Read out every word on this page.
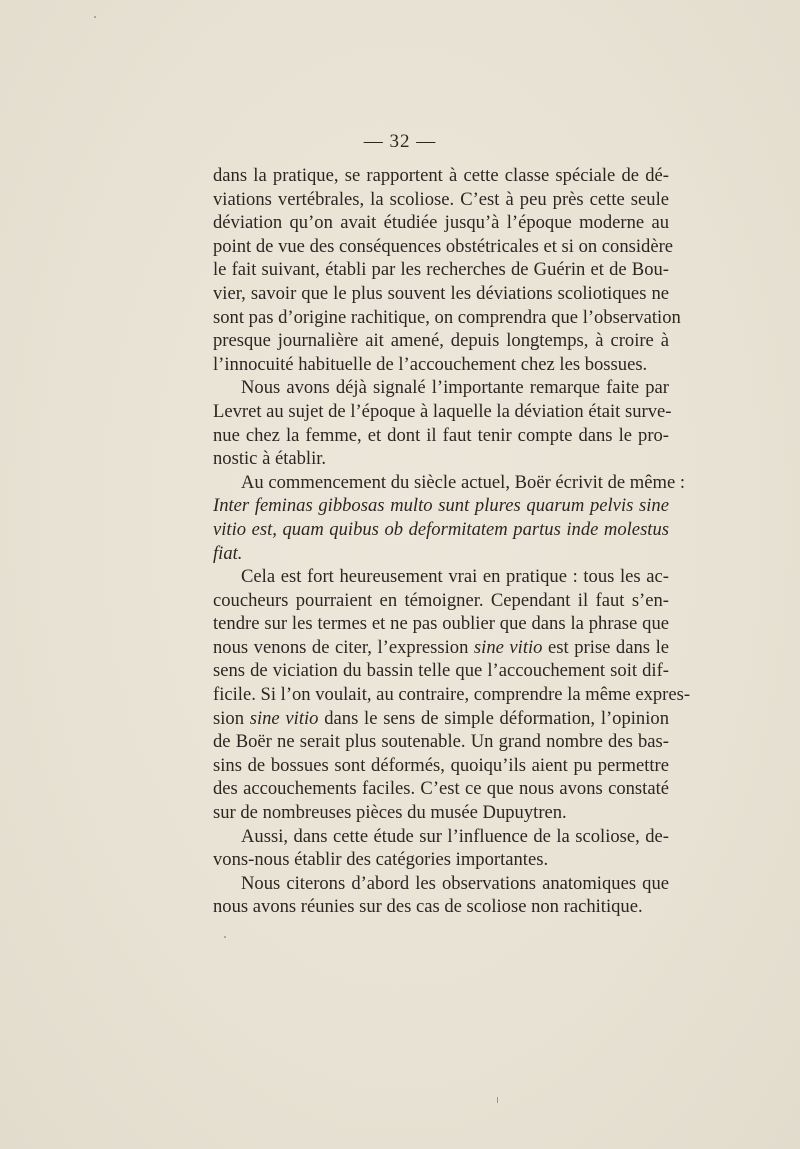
— 32 —
dans la pratique, se rapportent à cette classe spéciale de dé-
viations vertébrales, la scoliose. C’est à peu près cette seule
déviation qu’on avait étudiée jusqu’à l’époque moderne au
point de vue des conséquences obstétricales et si on considère
le fait suivant, établi par les recherches de Guérin et de Bou-
vier, savoir que le plus souvent les déviations scoliotiques ne
sont pas d’origine rachitique, on comprendra que l’observation
presque journalière ait amené, depuis longtemps, à croire à
l’innocuité habituelle de l’accouchement chez les bossues.
Nous avons déjà signalé l’importante remarque faite par
Levret au sujet de l’époque à laquelle la déviation était surve-
nue chez la femme, et dont il faut tenir compte dans le pro-
nostic à établir.
Au commencement du siècle actuel, Boër écrivit de même :
Inter feminas gibbosas multo sunt plures quarum pelvis sine
vitio est, quam quibus ob deformitatem partus inde molestus
fiat.
Cela est fort heureusement vrai en pratique : tous les ac-
coucheurs pourraient en témoigner. Cependant il faut s’en-
tendre sur les termes et ne pas oublier que dans la phrase que
nous venons de citer, l’expression sine vitio est prise dans le
sens de viciation du bassin telle que l’accouchement soit dif-
ficile. Si l’on voulait, au contraire, comprendre la même expres-
sion sine vitio dans le sens de simple déformation, l’opinion
de Boër ne serait plus soutenable. Un grand nombre des bas-
sins de bossues sont déformés, quoiqu’ils aient pu permettre
des accouchements faciles. C’est ce que nous avons constaté
sur de nombreuses pièces du musée Dupuytren.
Aussi, dans cette étude sur l’influence de la scoliose, de-
vons-nous établir des catégories importantes.
Nous citerons d’abord les observations anatomiques que
nous avons réunies sur des cas de scoliose non rachitique.
